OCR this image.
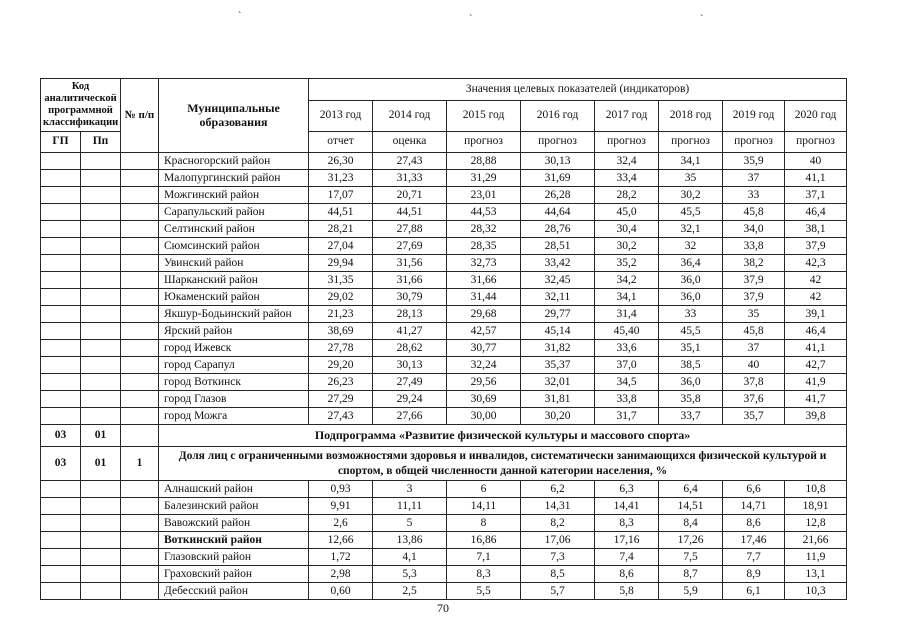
`	`	`
Код аналитической программной классификации		№ п/п	Муниципальные образования	Значения целевых показателей (индикаторов)							
				2013 год	2014 год	2015 год	2016 год	2017 год	2018 год	2019 год	2020 год
ГП	Пп			отчет	оценка	прогноз	прогноз	прогноз	прогноз	прогноз	прогноз
			Красногорский район	26,30	27,43	28,88	30,13	32,4	34,1	35,9	40
			Малопургинский район	31,23	31,33	31,29	31,69	33,4	35	37	41,1
			Можгинский район	17,07	20,71	23,01	26,28	28,2	30,2	33	37,1
			Сарапульский район	44,51	44,51	44,53	44,64	45,0	45,5	45,8	46,4
			Селтинский район	28,21	27,88	28,32	28,76	30,4	32,1	34,0	38,1
			Сюмсинский район	27,04	27,69	28,35	28,51	30,2	32	33,8	37,9
			Увинский район	29,94	31,56	32,73	33,42	35,2	36,4	38,2	42,3
			Шарканский район	31,35	31,66	31,66	32,45	34,2	36,0	37,9	42
			Юкаменский район	29,02	30,79	31,44	32,11	34,1	36,0	37,9	42
			Якшур-Бодьинский район	21,23	28,13	29,68	29,77	31,4	33	35	39,1
			Ярский район	38,69	41,27	42,57	45,14	45,40	45,5	45,8	46,4
			город Ижевск	27,78	28,62	30,77	31,82	33,6	35,1	37	41,1
			город Сарапул	29,20	30,13	32,24	35,37	37,0	38,5	40	42,7
			город Воткинск	26,23	27,49	29,56	32,01	34,5	36,0	37,8	41,9
			город Глазов	27,29	29,24	30,69	31,81	33,8	35,8	37,6	41,7
			город Можга	27,43	27,66	30,00	30,20	31,7	33,7	35,7	39,8
03	01		Подпрограмма «Развитие физической культуры и массового спорта»								
03	01	1	Доля лиц с ограниченными возможностями здоровья и инвалидов, систематически занимающихся физической культурой и спортом, в общей численности данной категории населения, %								
			Алнашский район	0,93	3	6	6,2	6,3	6,4	6,6	10,8
			Балезинский район	9,91	11,11	14,11	14,31	14,41	14,51	14,71	18,91
			Вавожский район	2,6	5	8	8,2	8,3	8,4	8,6	12,8
			Воткинский район	12,66	13,86	16,86	17,06	17,16	17,26	17,46	21,66
			Глазовский район	1,72	4,1	7,1	7,3	7,4	7,5	7,7	11,9
			Граховский район	2,98	5,3	8,3	8,5	8,6	8,7	8,9	13,1
			Дебесский район	0,60	2,5	5,5	5,7	5,8	5,9	6,1	10,3
70
